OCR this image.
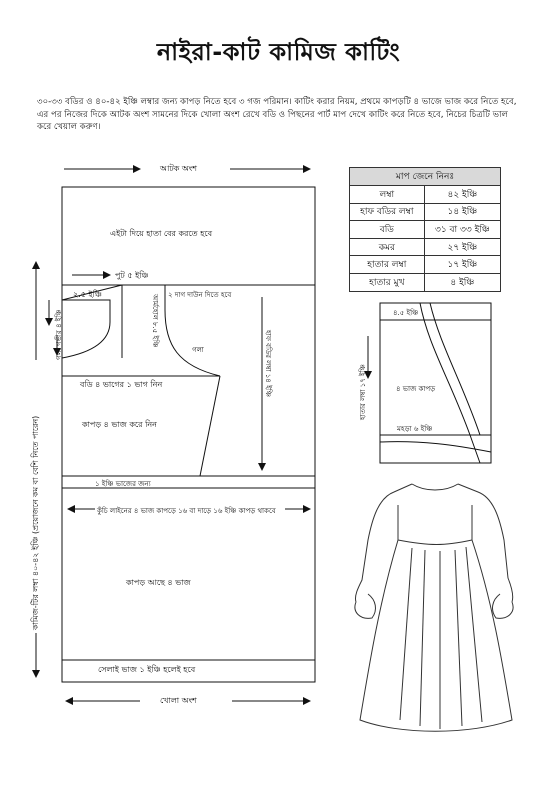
নাইরা-কাট কামিজ কাটিং
৩০-৩৩ বডির ও ৪০-৪২ ইঞ্চি লম্বার জন্য কাপড় নিতে হবে ৩ গজ পরিমান। কাটিং করার নিয়ম, প্রথমে কাপড়টি ৪ ভাজে ভাজ করে নিতে হবে, এর পর নিজের দিকে আটক অংশ সামনের দিকে খোলা অংশ রেখে বডি ও পিছনের পার্ট মাপ দেখে কাটিং করে নিতে হবে, নিচের চিত্রটি ভাল করে খেয়াল করুণ।
আটক অংশ
খোলা অংশ
এইটা দিয়ে হাতা বের করতে হবে
পুট ৫ ইঞ্চি
২.৫ ইঞ্চি	২ দাগ দাউন দিতে হবে
গলা গভীর ৪ ইঞ্চি	আর্মহোল ৮.৫ ইঞ্চি
গলা
বডি ৪ ভাগের ১ ভাগ নিন
কাপড় ৪ ভাজ করে নিন
হাফ বডির লম্বা ১৪ ইঞ্চি
১ ইঞ্চি ভাজের জন্য
কুঁচি লাইনের ৪ ভাজ কাপড়ে ১৬ বা দাড়ে ১৬ ইঞ্চি কাপড় থাকবে
কাপড় আছে ৪ ভাজ
সেলাই ভাজ ১ ইঞ্চি হলেই হবে
কামিজ-টির লম্বা ৪০-৪২ ইঞ্চি (প্রয়োজনে কম বা বেশি নিতে পারেন)
মাপ জেনে নিনঃ	
লম্বা	৪২ ইঞ্চি
হাফ বডির লম্বা	১৪ ইঞ্চি
বডি	৩১ বা ৩৩ ইঞ্চি
কমর	২৭ ইঞ্চি
হাতার লম্বা	১৭ ইঞ্চি
হাতার মুখ	৪ ইঞ্চি
৪.৫ ইঞ্চি
হাতার লম্বা ১৭ ইঞ্চি	৪ ভাজ কাপড়
মহড়া ৬ ইঞ্চি
